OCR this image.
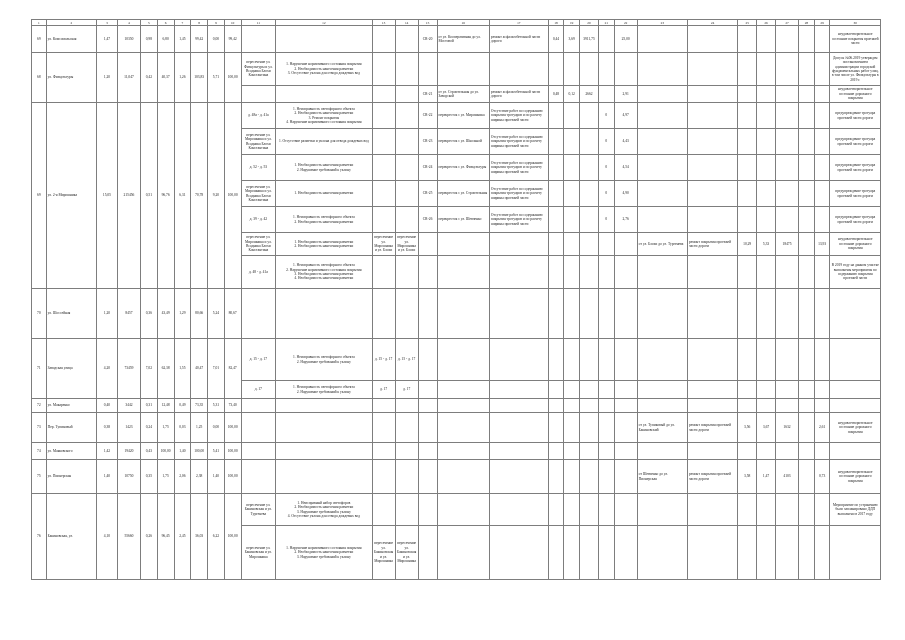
1	2	3	4	5	6	7	8	9	10	11	12	13	14	15	16	17	18	19	20	21	22	23	24	25	26	27	28	29	30
69	ул. Комсомольская	1,47	10350	0,98	6,80	1,45	99,42	0,00	99,42					CR-20	от ул. Кооперативная до ул. Мостовой	ремонт асфальтобетонной части дороги	0,44	3,69	3911,75		25,00								неудовлетворительное состояние покрытия проезжей части
68	ул. Физкультуры	1,20	11,047	0,42	40,37	1,26	103,83	5,71	100,00	пересечение ул. Физкультуры и ул. Всадника Блохи Константина	1. Нарушение нормативного состояния покрытия
2. Необходимость нанесения разметки
3. Отсутствие уклона для отвода дождевых вод																		Допуск №06.2019 утвержден постановлением администрации городской фундаментальных работ улиц, в том числе ул. Физкультуры в 2019 г.
														CR-21	от ул. Строительная до ул. Заводской	ремонт асфальтобетонной части дороги	0,48	0,12	2662		2,91								неудовлетворительное состояние дорожного покрытия
69	ул. 2-я Мирошника	15,05	215456	0,51	96,76	6,31	70,78	9,20	100,00	д. 48а - д. 41а	1. Неисправность светофорного объекта
2. Необходимость нанесения разметки
3. Ремонт покрытия
4. Нарушение нормативного состояния покрытия			CR-22	перекресток с ул. Мирошника	Отсутствие работ по содержанию покрытия тротуаров и по расчету ширины проезжей части				0	4,97								предупреждение тротуара проезжей части дороги
										пересечение ул. Мирошника и ул. Всадника Блохи Константина	1. Отсутствие разметки и уклона для отвода дождевых вод			CR-23	перекресток с ул. Школьной	Отсутствие работ по содержанию покрытия тротуаров и по расчету ширины проезжей части				0	4,43								предупреждение тротуара проезжей части дороги
										д. 52 - д. 53	1. Необходимость нанесения разметки
2. Нарушение требований к уклону			CR-24	перекресток с ул. Физкультуры	Отсутствие работ по содержанию покрытия тротуаров и по расчету ширины проезжей части				0	4,54								предупреждение тротуара проезжей части дороги
										пересечение ул. Мирошника и ул. Всадника Блохи Константина	1. Необходимость нанесения разметки			CR-25	перекресток с ул. Строительная	Отсутствие работ по содержанию покрытия тротуаров и по расчету ширины проезжей части				0	4,90								предупреждение тротуара проезжей части дороги
										д. 39 - д. 42	1. Неисправность светофорного объекта
2. Необходимость нанесения разметки			CR-26	перекресток с ул. Шевченко	Отсутствие работ по содержанию покрытия тротуаров и по расчету ширины проезжей части				0	2,76								предупреждение тротуара проезжей части дороги
										пересечение ул. Мирошника и ул. Всадника Блохи Константина	1. Необходимость нанесения разметки
2. Необходимость нанесения разметки	пересечение ул. Мирошника и ул. Блохи	пересечение ул. Мирошника и ул. Блохи									от ул. Блохи до ул. Тургенева	ремонт покрытия проезжей части дороги	10,29	5,33	18475		13,93	неудовлетворительное состояние дорожного покрытия
										д. 48 - д. 41а	1. Неисправность светофорного объекта
2. Нарушение нормативного состояния покрытия
3. Необходимость нанесения разметки
4. Необходимость нанесения разметки																		В 2019 году на данном участке выполнены мероприятия по содержанию покрытия проезжей части
70	ул. Шоссейная	1,20	8457	0,36	43,49	1,29	80,66	5,24	80,67																				
71	Заводская улица	4,20	73459	7,02	62,38	1,55	40,47	7,01	82,47	д. 15 - д. 17	1. Неисправность светофорного объекта
2. Нарушение требований к уклону	д. 15 - д. 17	д. 15 - д. 17																
										д. 17	1. Неисправность светофорного объекта
2. Нарушение требований к уклону	д. 17	д. 17																
72	ул. Макаренко	0,40	3442	0,31	12,48	0,49	73,35	5,31	73,40																				
73	Пер. Тупиковый	0,38	1423	0,24	1,75	0,03	1,25	0,00	100,00													от ул. Тупиковый до ул. Бакиновский	ремонт покрытия проезжей части дороги	3,56	3,67	1632		2,61	неудовлетворительное состояние дорожного покрытия
74	ул. Маяковского	1,42	19420	0,43	100,00	1,40	100,00	5,41	100,00																				
75	ул. Пионерская	1,40	10750	0,35	1,75	2,06	2,38	1,40	100,00													от Шевченко до ул. Пионерская	ремонт покрытия проезжей части дороги	3,58	1,47	4103		0,73	неудовлетворительное состояние дорожного покрытия
76	Бакиновская, ул.	4,10	55660	0,26	96,45	2,45	36,03	6,22	100,00	пересечение ул. Бакиновская и ул. Тургенева	1. Неисправный набор светофоров
2. Необходимость нанесения разметки
3. Нарушение требований к уклону
4. Отсутствие уклона для отвода дождевых вод																		Мероприятие по устранению было запланировано ДДП выполнено в 2017 году
										пересечение ул. Бакиновская и ул. Мирошника	1. Нарушение нормативного состояния покрытия
2. Необходимость нанесения разметки
3. Нарушение требований к уклону	пересечение ул. Бакиновская и ул. Мирошника	пересечение ул. Бакиновская и ул. Мирошника																
